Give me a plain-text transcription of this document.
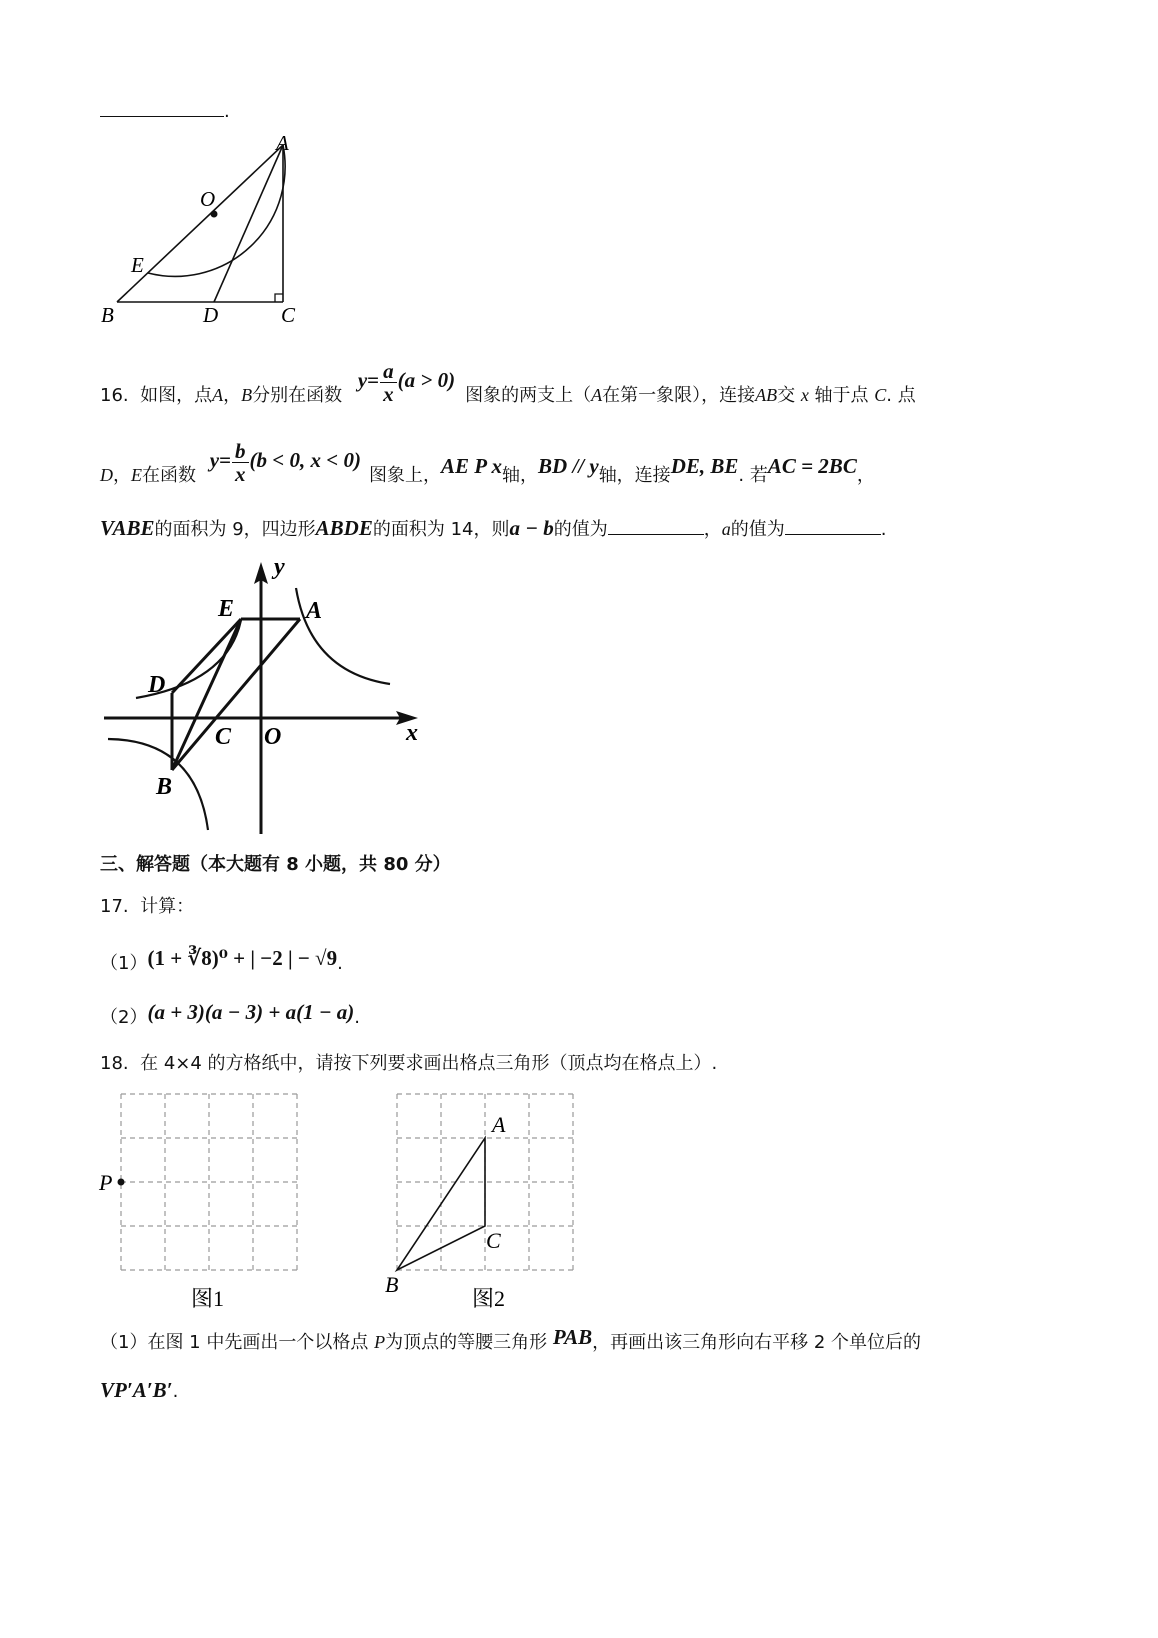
.
A
O
E
B	D	C
16. 如图，点A，B分别在函数 $y= \frac{a}{x} (a > 0)$图象的两支上（A在第一象限），连接AB交 x 轴于点 C. 点
D，E在函数 $y= \frac{b}{x} (b < 0$, x < 0)图象上，AE P x轴，BD // y轴，连接DE, BE. 若AC = 2BC，
VABE的面积为 9，四边形ABDE的面积为 14，则a − b的值为	，a的值为	.
y
E	A
D
C O	x
B
三、解答题（本大题有 8 小题，共 80 分）
17. 计算：
（1）(1 + ∛8)⁰ + | −2 | − √9.
（2）(a + 3)(a − 3) + a(1 − a).
18. 在 4×4 的方格纸中，请按下列要求画出格点三角形（顶点均在格点上）.
P
图1
A
C
B
图2
（1）在图 1 中先画出一个以格点 P为顶点的等腰三角形 PAB，再画出该三角形向右平移 2 个单位后的
VP′A′B′.
